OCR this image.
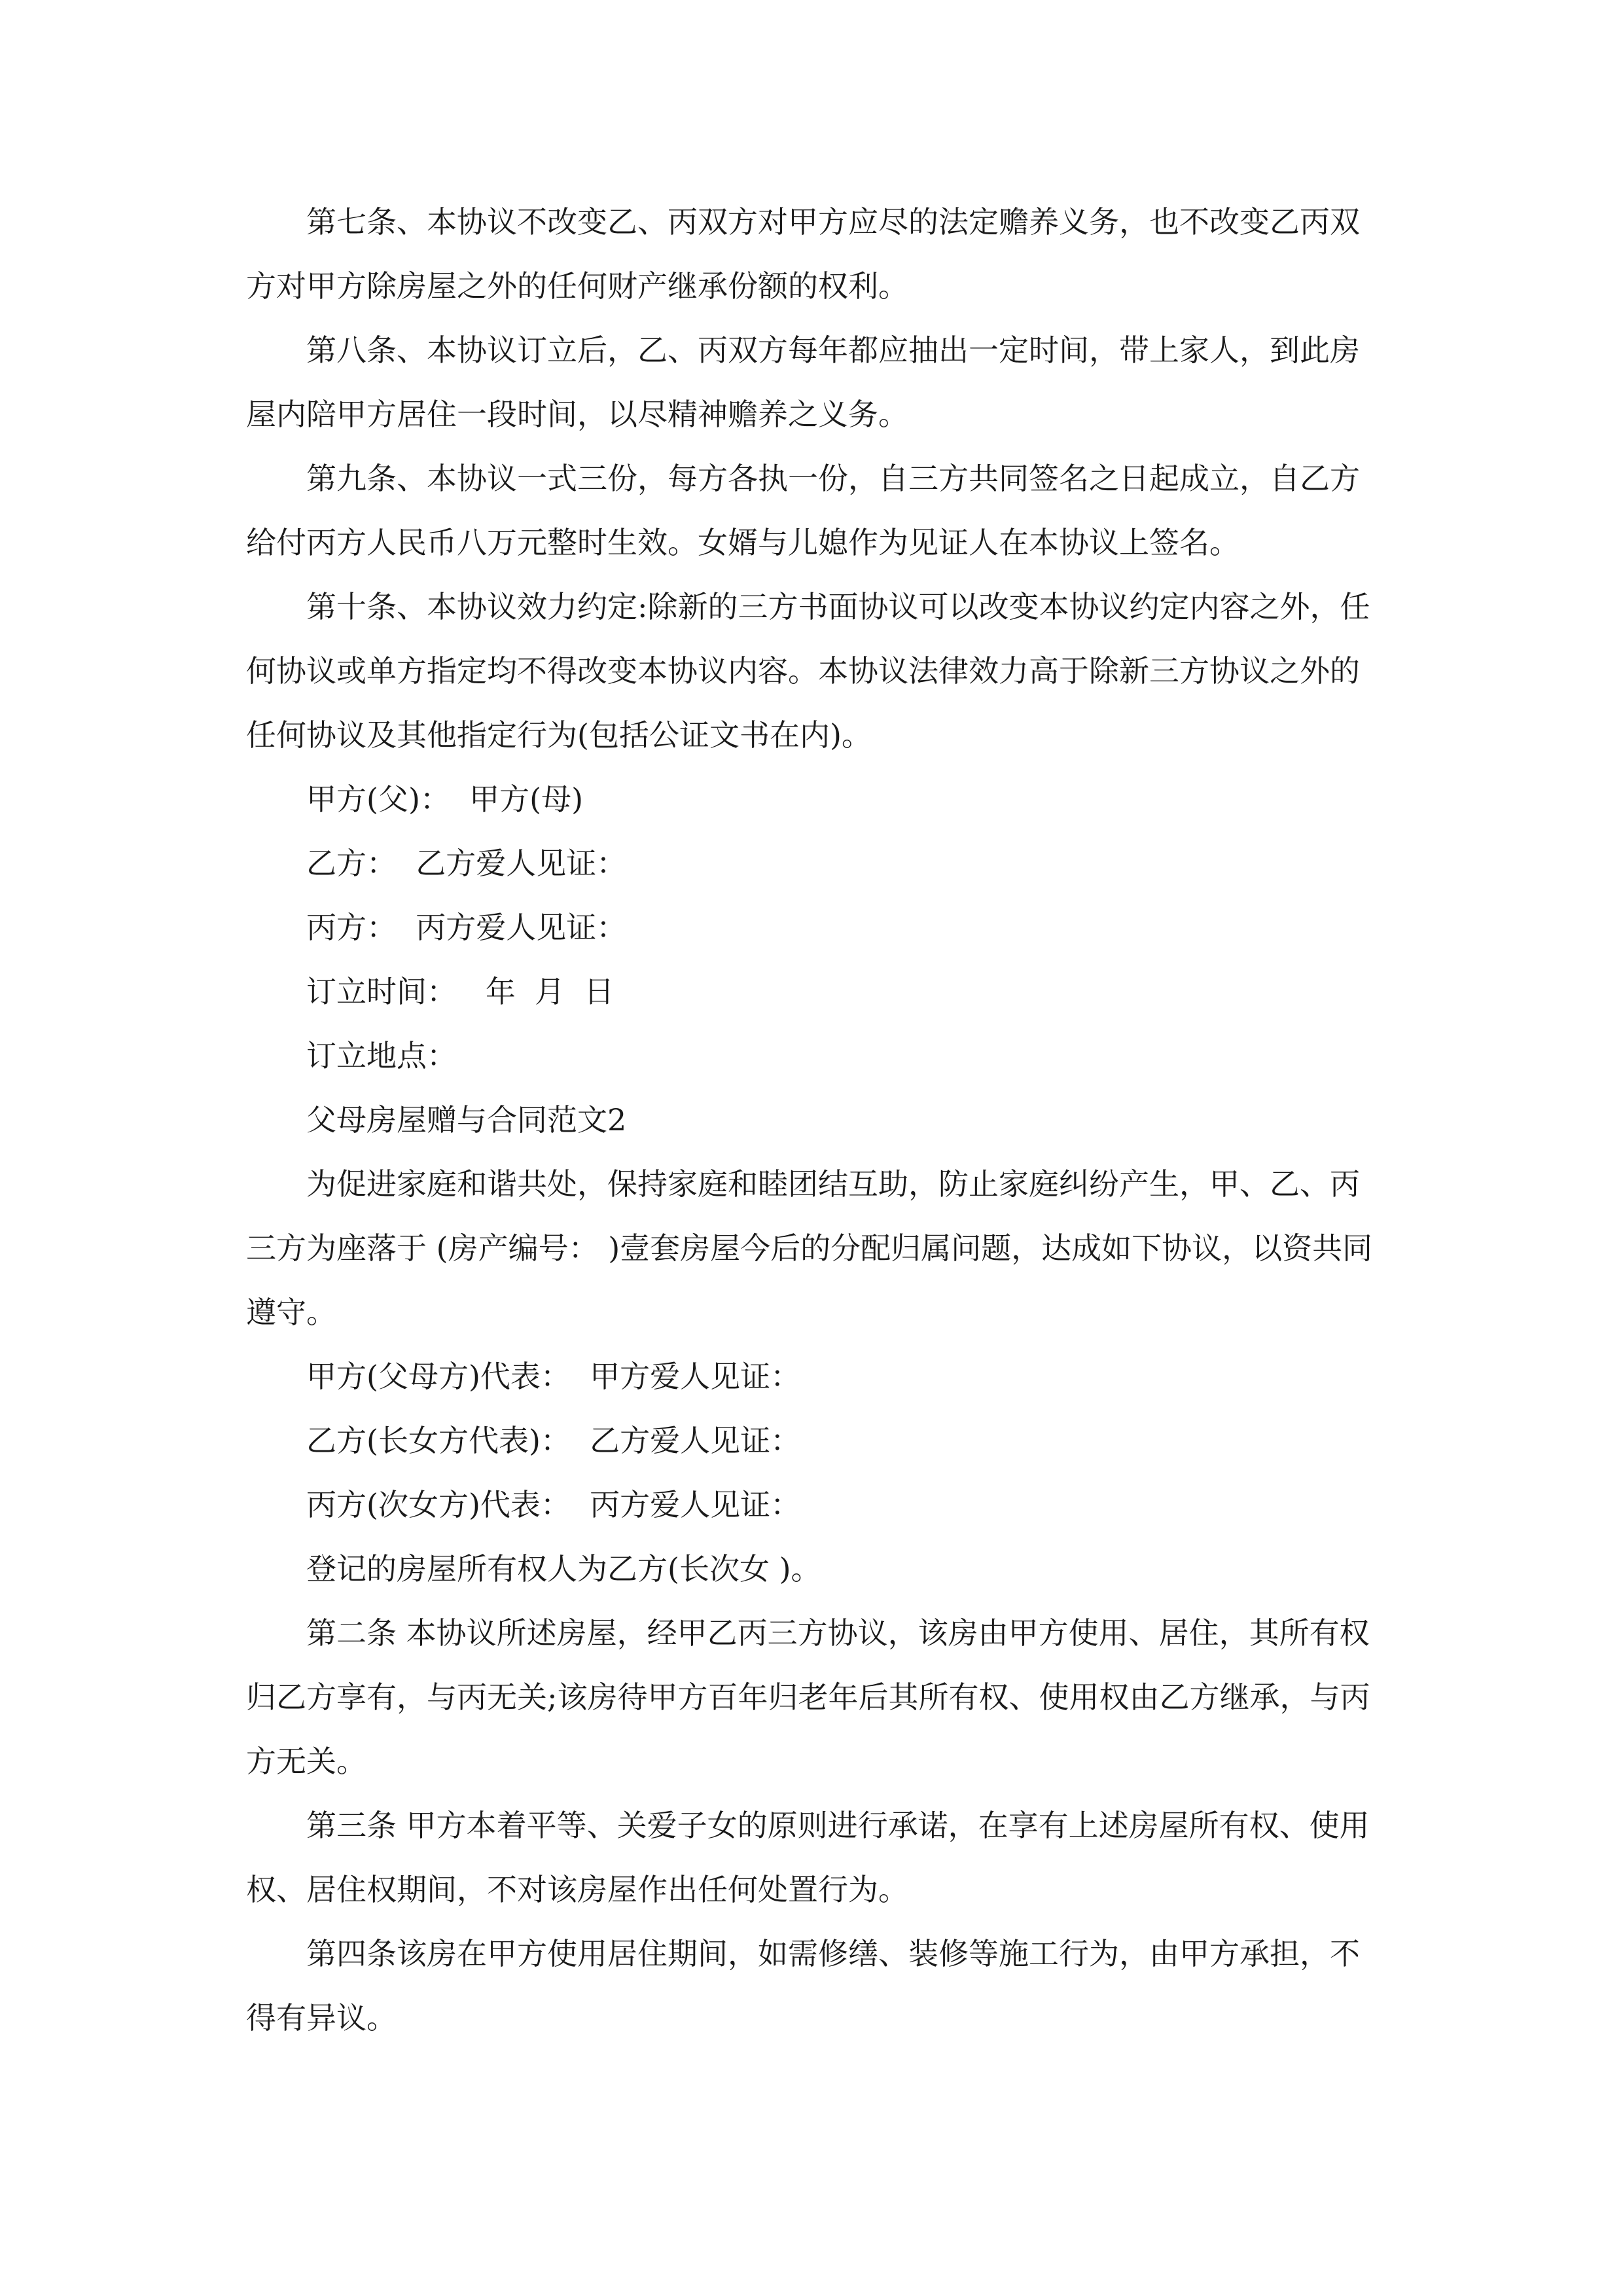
第七条、本协议不改变乙、丙双方对甲方应尽的法定赡养义务，也不改变乙丙双方对甲方除房屋之外的任何财产继承份额的权利。

第八条、本协议订立后，乙、丙双方每年都应抽出一定时间，带上家人，到此房屋内陪甲方居住一段时间，以尽精神赡养之义务。

第九条、本协议一式三份，每方各执一份，自三方共同签名之日起成立，自乙方给付丙方人民币八万元整时生效。女婿与儿媳作为见证人在本协议上签名。

第十条、本协议效力约定:除新的三方书面协议可以改变本协议约定内容之外，任何协议或单方指定均不得改变本协议内容。本协议法律效力高于除新三方协议之外的任何协议及其他指定行为(包括公证文书在内)。

甲方(父)：  甲方(母)

乙方：  乙方爱人见证：

丙方：  丙方爱人见证：

订立时间：   年  月  日

订立地点：

父母房屋赠与合同范文2

为促进家庭和谐共处，保持家庭和睦团结互助，防止家庭纠纷产生，甲、乙、丙三方为座落于 (房产编号： )壹套房屋今后的分配归属问题，达成如下协议，以资共同遵守。

甲方(父母方)代表：  甲方爱人见证：

乙方(长女方代表)：  乙方爱人见证：

丙方(次女方)代表：  丙方爱人见证：

登记的房屋所有权人为乙方(长次女 )。

第二条 本协议所述房屋，经甲乙丙三方协议，该房由甲方使用、居住，其所有权归乙方享有，与丙无关;该房待甲方百年归老年后其所有权、使用权由乙方继承，与丙方无关。

第三条 甲方本着平等、关爱子女的原则进行承诺，在享有上述房屋所有权、使用权、居住权期间，不对该房屋作出任何处置行为。

第四条该房在甲方使用居住期间，如需修缮、装修等施工行为，由甲方承担，不得有异议。
